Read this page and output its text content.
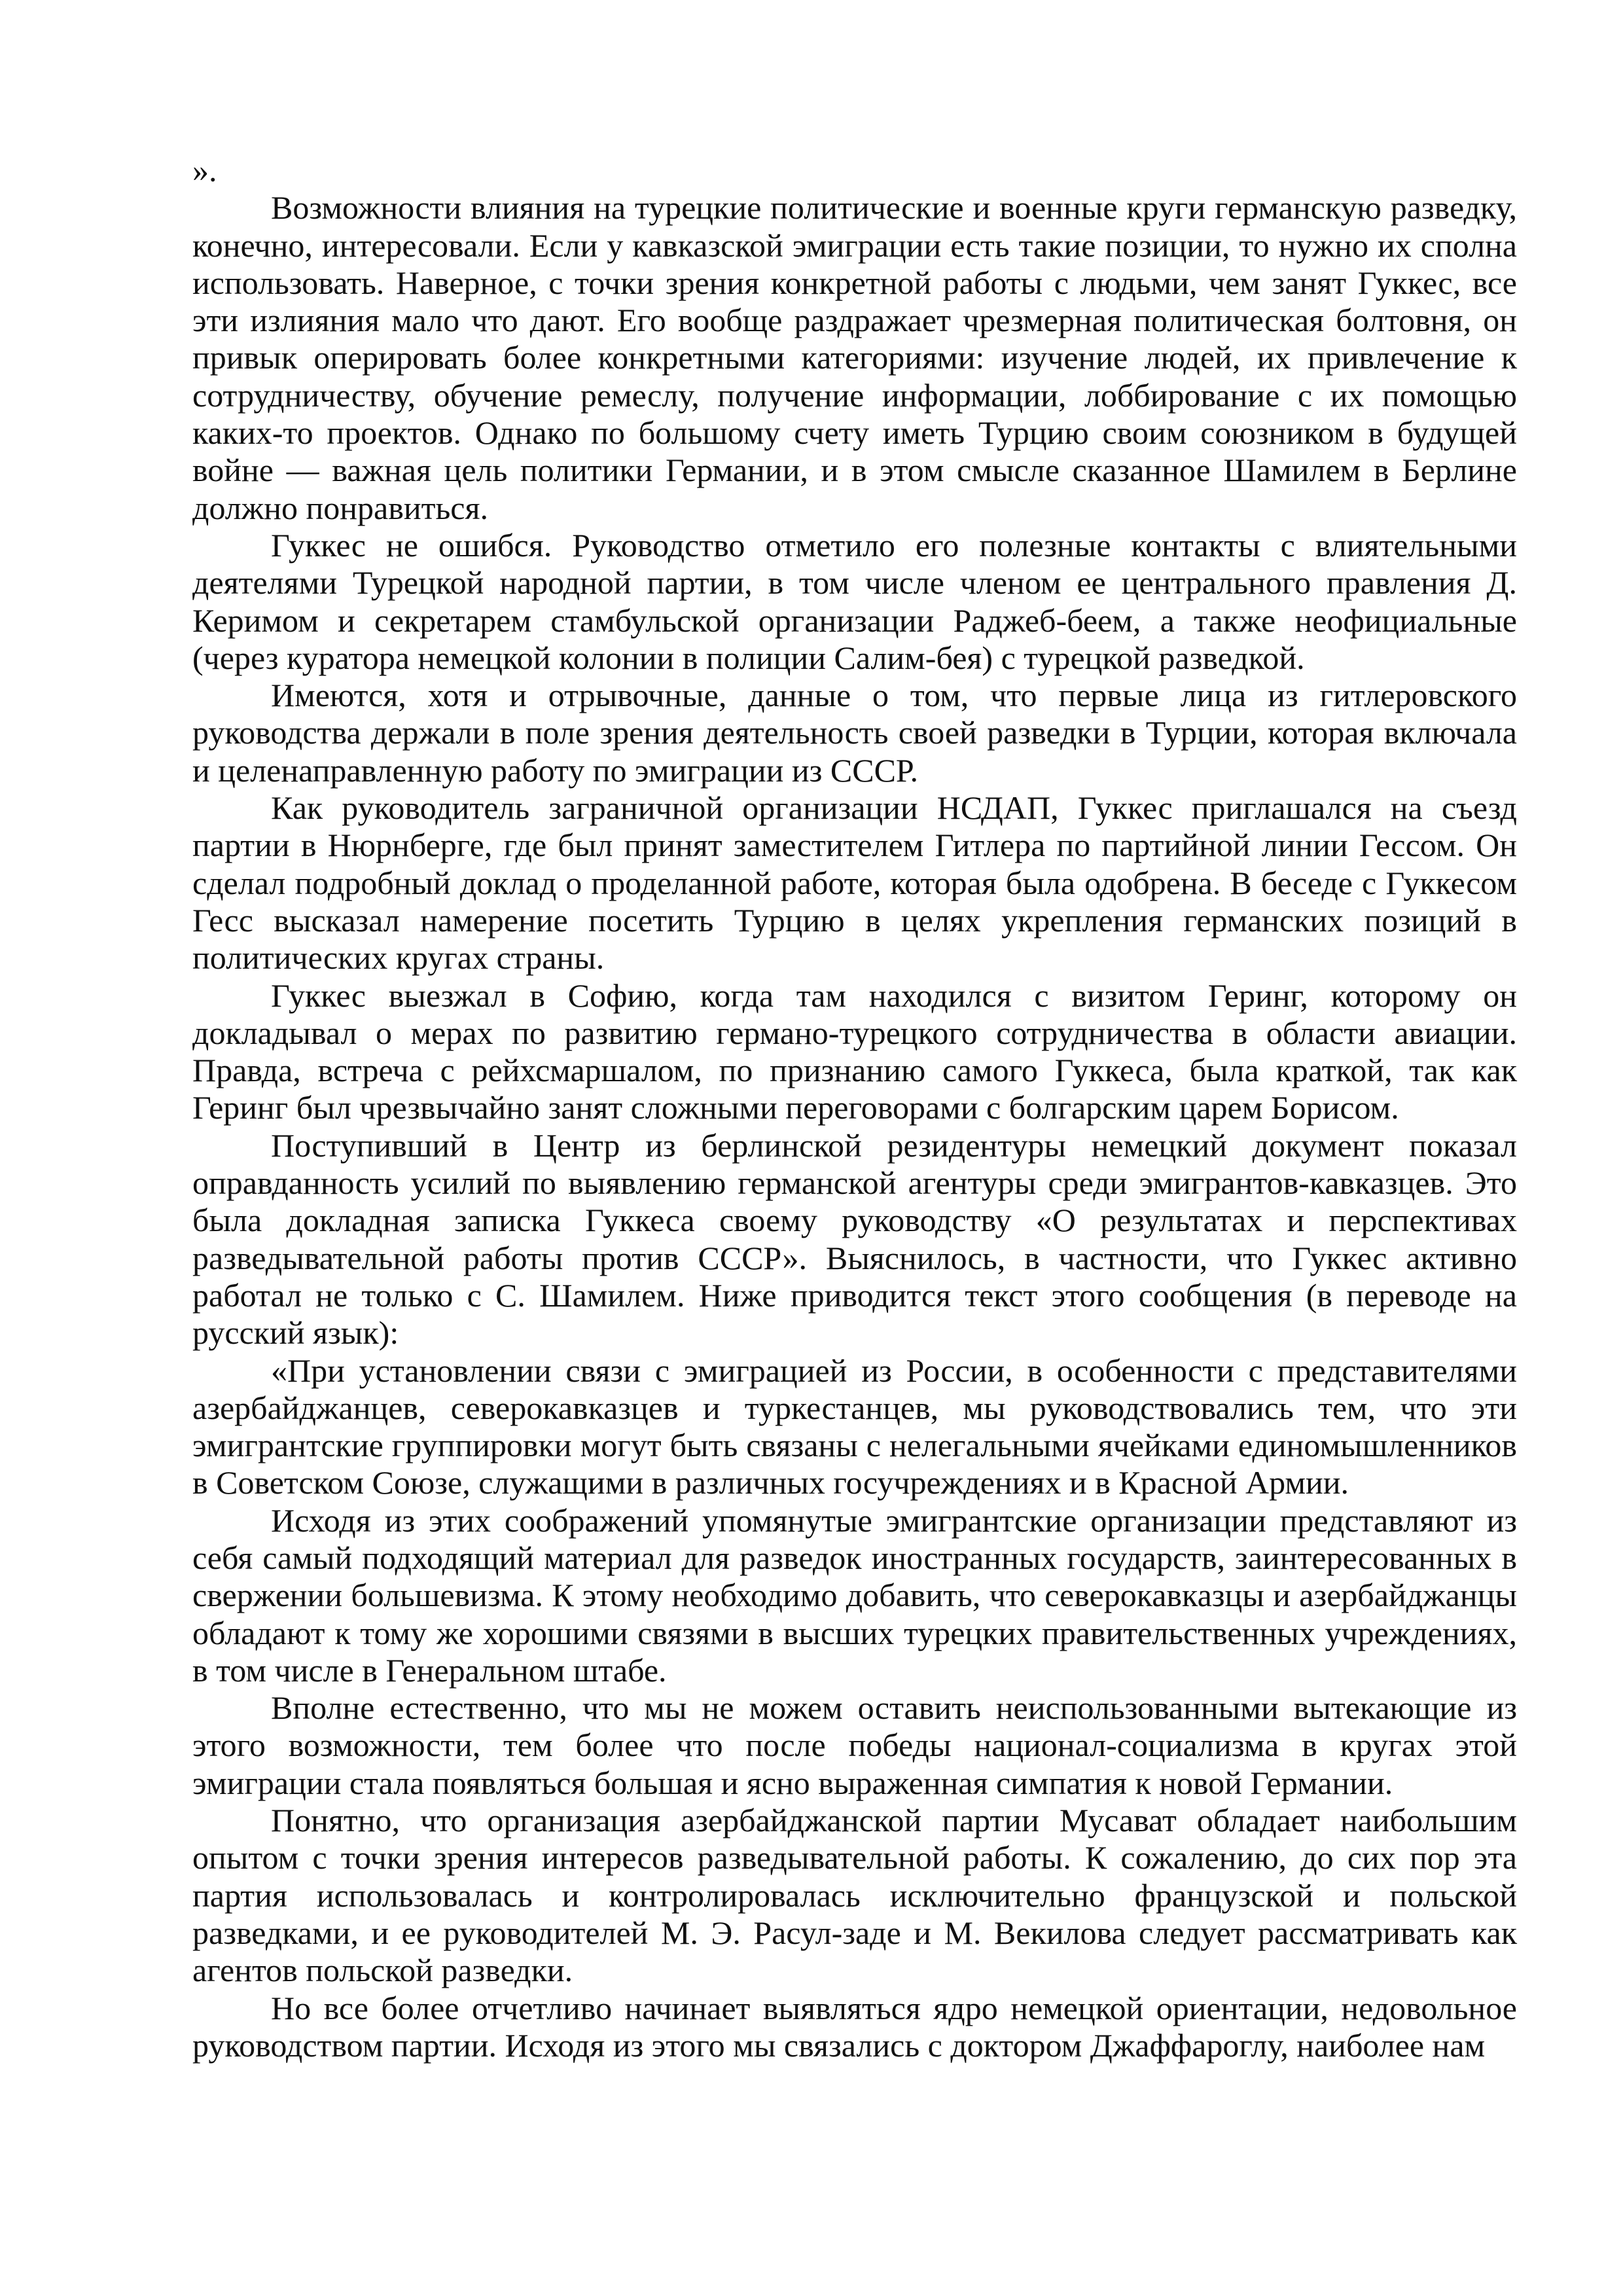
».

Возможности влияния на турецкие политические и военные круги германскую разведку, конечно, интересовали. Если у кавказской эмиграции есть такие позиции, то нужно их сполна использовать. Наверное, с точки зрения конкретной работы с людьми, чем занят Гуккес, все эти излияния мало что дают. Его вообще раздражает чрезмерная политическая болтовня, он привык оперировать более конкретными категориями: изучение людей, их привлечение к сотрудничеству, обучение ремеслу, получение информации, лоббирование с их помощью каких-то проектов. Однако по большому счету иметь Турцию своим союзником в будущей войне — важная цель политики Германии, и в этом смысле сказанное Шамилем в Берлине должно понравиться.

Гуккес не ошибся. Руководство отметило его полезные контакты с влиятельными деятелями Турецкой народной партии, в том числе членом ее центрального правления Д. Керимом и секретарем стамбульской организации Раджеб-беем, а также неофициальные (через куратора немецкой колонии в полиции Салим-бея) с турецкой разведкой.

Имеются, хотя и отрывочные, данные о том, что первые лица из гитлеровского руководства держали в поле зрения деятельность своей разведки в Турции, которая включала и целенаправленную работу по эмиграции из СССР.

Как руководитель заграничной организации НСДАП, Гуккес приглашался на съезд партии в Нюрнберге, где был принят заместителем Гитлера по партийной линии Гессом. Он сделал подробный доклад о проделанной работе, которая была одобрена. В беседе с Гуккесом Гесс высказал намерение посетить Турцию в целях укрепления германских позиций в политических кругах страны.

Гуккес выезжал в Софию, когда там находился с визитом Геринг, которому он докладывал о мерах по развитию германо-турецкого сотрудничества в области авиации. Правда, встреча с рейхсмаршалом, по признанию самого Гуккеса, была краткой, так как Геринг был чрезвычайно занят сложными переговорами с болгарским царем Борисом.

Поступивший в Центр из берлинской резидентуры немецкий документ показал оправданность усилий по выявлению германской агентуры среди эмигрантов-кавказцев. Это была докладная записка Гуккеса своему руководству «О результатах и перспективах разведывательной работы против СССР». Выяснилось, в частности, что Гуккес активно работал не только с С. Шамилем. Ниже приводится текст этого сообщения (в переводе на русский язык):

«При установлении связи с эмиграцией из России, в особенности с представителями азербайджанцев, северокавказцев и туркестанцев, мы руководствовались тем, что эти эмигрантские группировки могут быть связаны с нелегальными ячейками единомышленников в Советском Союзе, служащими в различных госучреждениях и в Красной Армии.

Исходя из этих соображений упомянутые эмигрантские организации представляют из себя самый подходящий материал для разведок иностранных государств, заинтересованных в свержении большевизма. К этому необходимо добавить, что северокавказцы и азербайджанцы обладают к тому же хорошими связями в высших турецких правительственных учреждениях, в том числе в Генеральном штабе.

Вполне естественно, что мы не можем оставить неиспользованными вытекающие из этого возможности, тем более что после победы национал-социализма в кругах этой эмиграции стала появляться большая и ясно выраженная симпатия к новой Германии.

Понятно, что организация азербайджанской партии Мусават обладает наибольшим опытом с точки зрения интересов разведывательной работы. К сожалению, до сих пор эта партия использовалась и контролировалась исключительно французской и польской разведками, и ее руководителей М. Э. Расул-заде и М. Векилова следует рассматривать как агентов польской разведки.

Но все более отчетливо начинает выявляться ядро немецкой ориентации, недовольное руководством партии. Исходя из этого мы связались с доктором Джаффароглу, наиболее нам
